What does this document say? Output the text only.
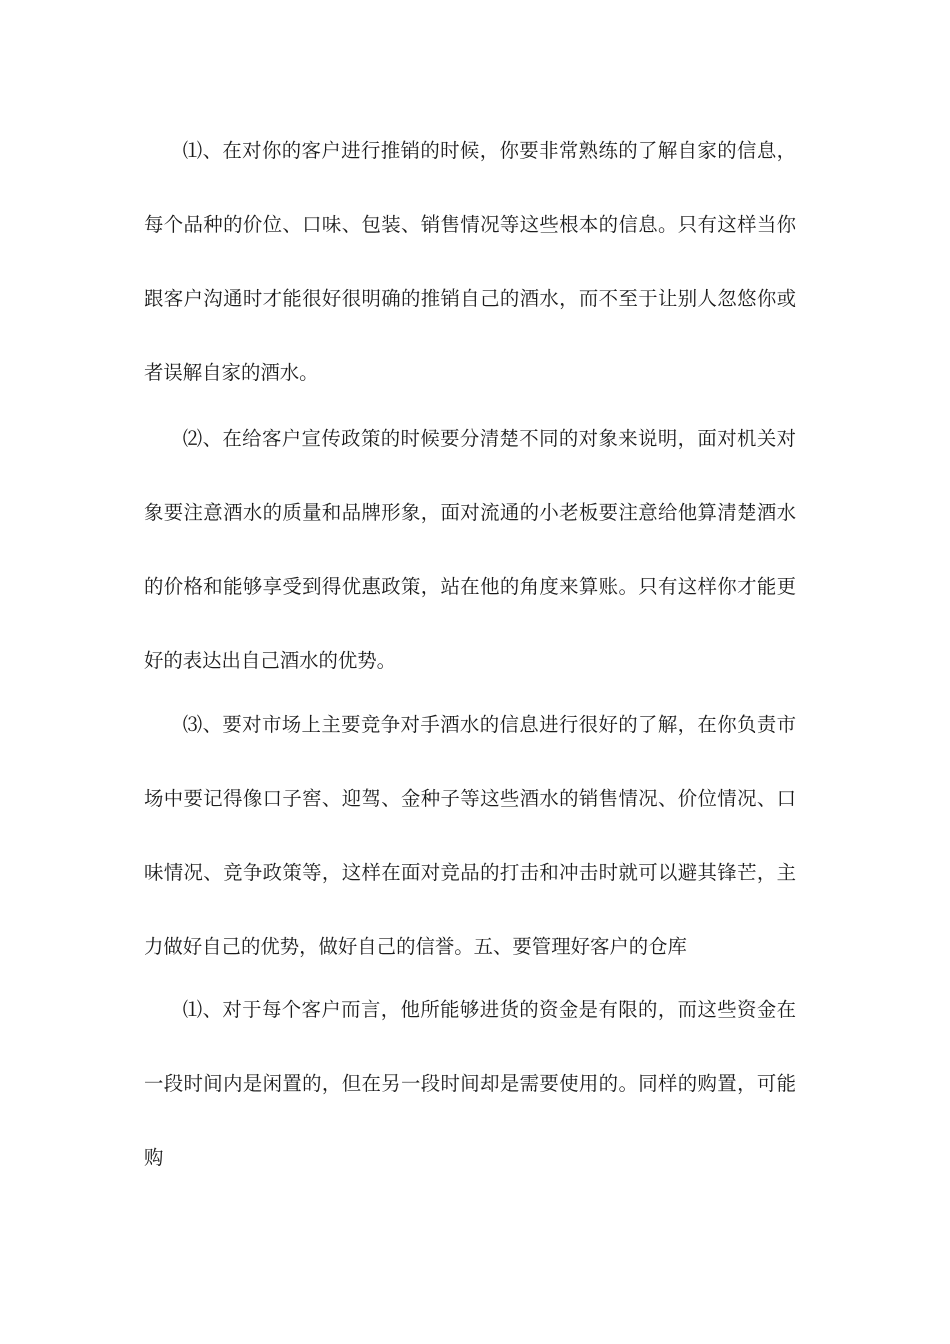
⑴、在对你的客户进行推销的时候，你要非常熟练的了解自家的信息，每个品种的价位、口味、包装、销售情况等这些根本的信息。只有这样当你跟客户沟通时才能很好很明确的推销自己的酒水，而不至于让别人忽悠你或者误解自家的酒水。

⑵、在给客户宣传政策的时候要分清楚不同的对象来说明，面对机关对象要注意酒水的质量和品牌形象，面对流通的小老板要注意给他算清楚酒水的价格和能够享受到得优惠政策，站在他的角度来算账。只有这样你才能更好的表达出自己酒水的优势。

⑶、要对市场上主要竞争对手酒水的信息进行很好的了解，在你负责市场中要记得像口子窖、迎驾、金种子等这些酒水的销售情况、价位情况、口味情况、竞争政策等，这样在面对竞品的打击和冲击时就可以避其锋芒，主力做好自己的优势，做好自己的信誉。五、要管理好客户的仓库

⑴、对于每个客户而言，他所能够进货的资金是有限的，而这些资金在一段时间内是闲置的，但在另一段时间却是需要使用的。同样的购置，可能购
